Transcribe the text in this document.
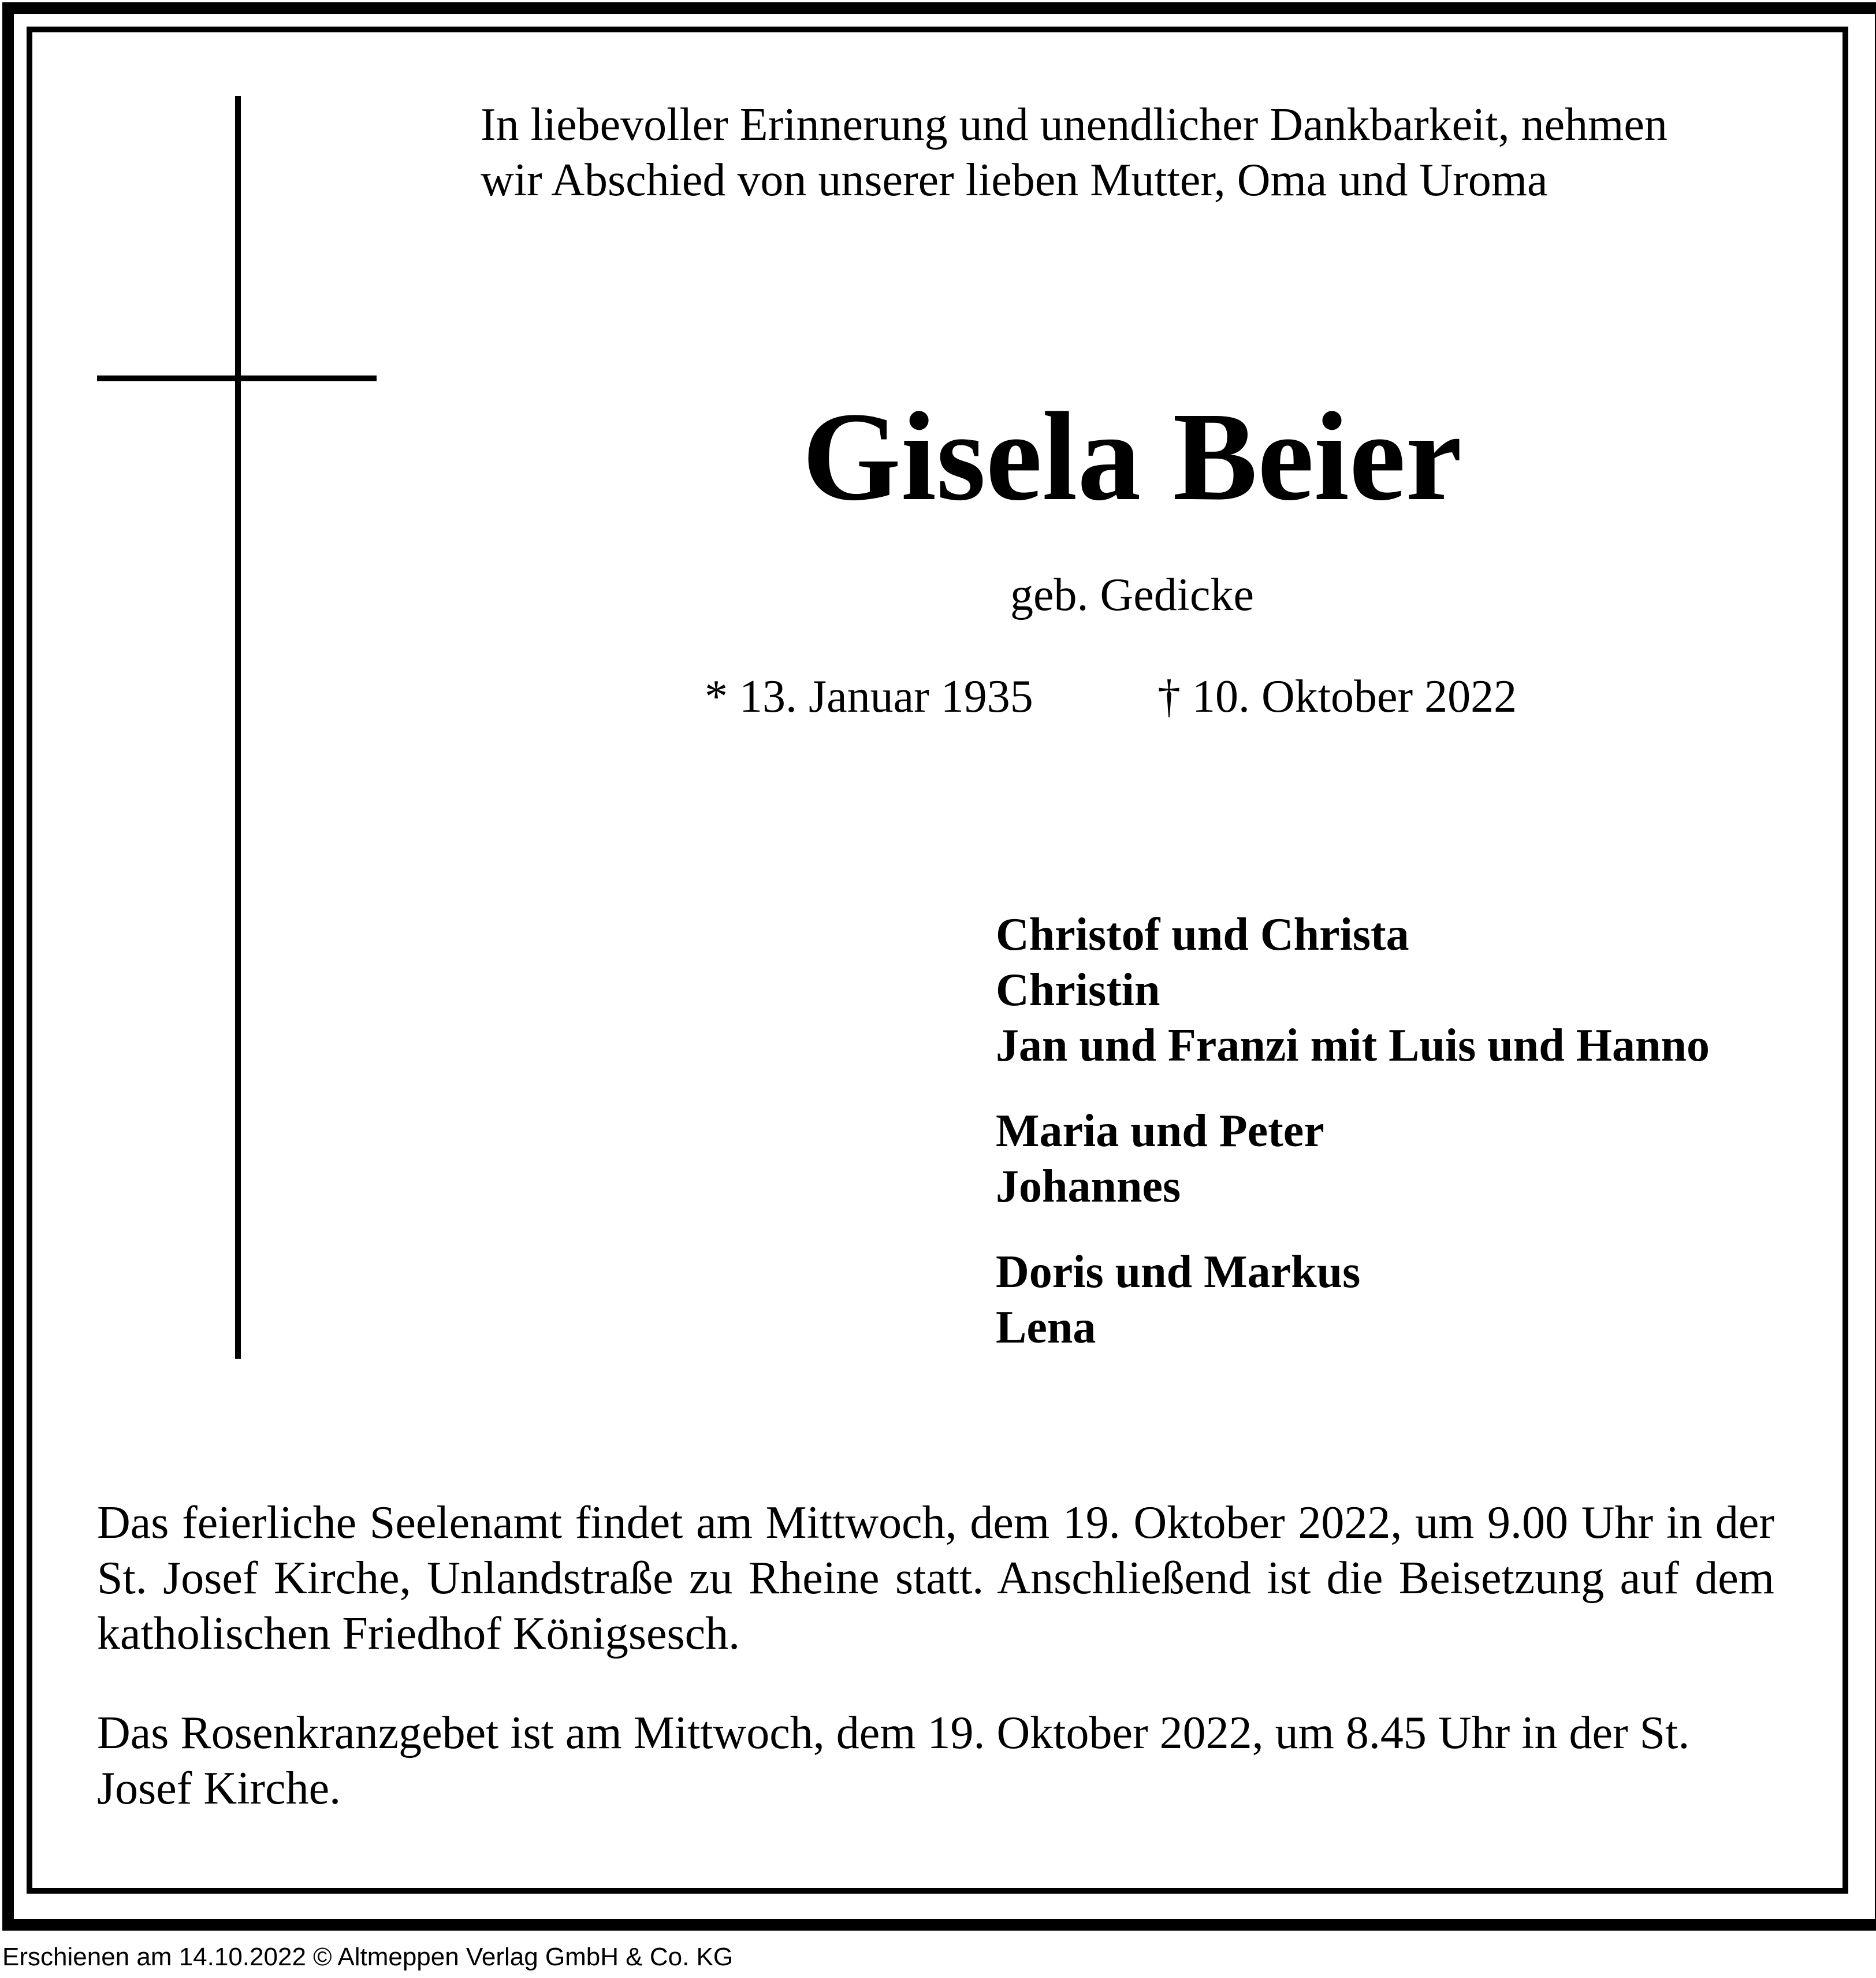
In liebevoller Erinnerung und unendlicher Dankbarkeit, nehmen
wir Abschied von unserer lieben Mutter, Oma und Uroma
Gisela Beier
geb. Gedicke
* 13. Januar 1935	† 10. Oktober 2022
Christof und Christa
Christin
Jan und Franzi mit Luis und Hanno
Maria und Peter
Johannes
Doris und Markus
Lena
Das feierliche Seelenamt findet am Mittwoch, dem 19. Oktober 2022, um 9.00 Uhr in der St. Josef Kirche, Unlandstraße zu Rheine statt. Anschließend ist die Beisetzung auf dem katholischen Friedhof Königsesch.
Das Rosenkranzgebet ist am Mittwoch, dem 19. Oktober 2022, um 8.45 Uhr in der St. Josef Kirche.
Erschienen am 14.10.2022 © Altmeppen Verlag GmbH & Co. KG
